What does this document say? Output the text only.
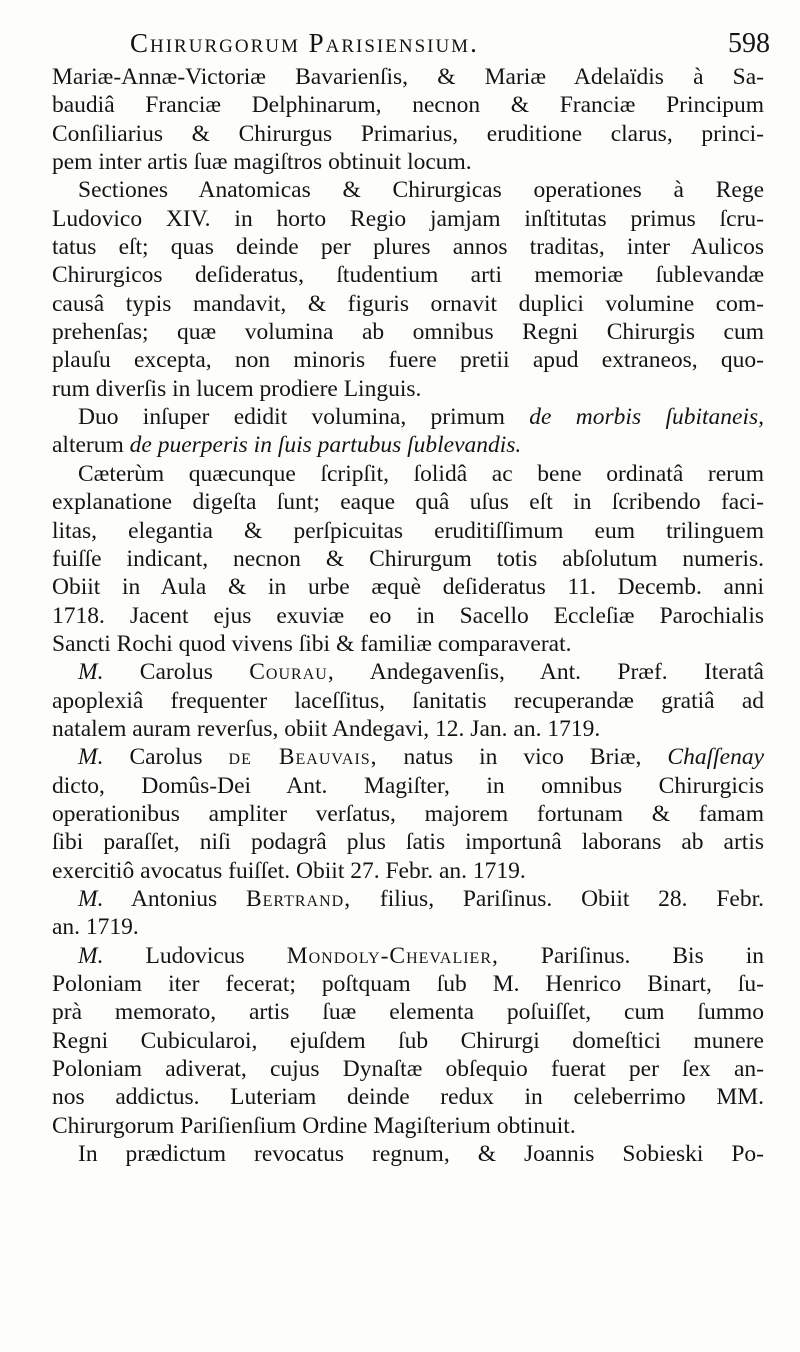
Chirurgorum Parisiensium.	598
Mariæ-Annæ-Victoriæ Bavarienſis, & Mariæ Adelaïdis à Sa-
baudiâ Franciæ Delphinarum, necnon & Franciæ Principum
Conſiliarius & Chirurgus Primarius, eruditione clarus, princi-
pem inter artis ſuæ magiſtros obtinuit locum.
Sectiones Anatomicas & Chirurgicas operationes à Rege
Ludovico XIV. in horto Regio jamjam inſtitutas primus ſcru-
tatus eſt; quas deinde per plures annos traditas, inter Aulicos
Chirurgicos deſideratus, ſtudentium arti memoriæ ſublevandæ
causâ typis mandavit, & figuris ornavit duplici volumine com-
prehenſas; quæ volumina ab omnibus Regni Chirurgis cum
plauſu excepta, non minoris fuere pretii apud extraneos, quo-
rum diverſis in lucem prodiere Linguis.
Duo inſuper edidit volumina, primum de morbis ſubitaneis,
alterum de puerperis in ſuis partubus ſublevandis.
Cæterùm quæcunque ſcripſit, ſolidâ ac bene ordinatâ rerum
explanatione digeſta ſunt; eaque quâ uſus eſt in ſcribendo faci-
litas, elegantia & perſpicuitas eruditiſſimum eum trilinguem
fuiſſe indicant, necnon & Chirurgum totis abſolutum numeris.
Obiit in Aula & in urbe æquè deſideratus 11. Decemb. anni
1718. Jacent ejus exuviæ eo in Sacello Eccleſiæ Parochialis
Sancti Rochi quod vivens ſibi & familiæ comparaverat.
M. Carolus Courau, Andegavenſis, Ant. Præf. Iteratâ
apoplexiâ frequenter laceſſitus, ſanitatis recuperandæ gratiâ ad
natalem auram reverſus, obiit Andegavi, 12. Jan. an. 1719.
M. Carolus de Beauvais, natus in vico Briæ, Chaſſenay
dicto, Domûs-Dei Ant. Magiſter, in omnibus Chirurgicis
operationibus ampliter verſatus, majorem fortunam & famam
ſibi paraſſet, niſi podagrâ plus ſatis importunâ laborans ab artis
exercitiô avocatus fuiſſet. Obiit 27. Febr. an. 1719.
M. Antonius Bertrand, filius, Pariſinus. Obiit 28. Febr.
an. 1719.
M. Ludovicus Mondoly-Chevalier, Pariſinus. Bis in
Poloniam iter fecerat; poſtquam ſub M. Henrico Binart, ſu-
prà memorato, artis ſuæ elementa poſuiſſet, cum ſummo
Regni Cubicularoi, ejuſdem ſub Chirurgi domeſtici munere
Poloniam adiverat, cujus Dynaſtæ obſequio fuerat per ſex an-
nos addictus. Luteriam deinde redux in celeberrimo MM.
Chirurgorum Pariſienſium Ordine Magiſterium obtinuit.
In prædictum revocatus regnum, & Joannis Sobieski Po-
